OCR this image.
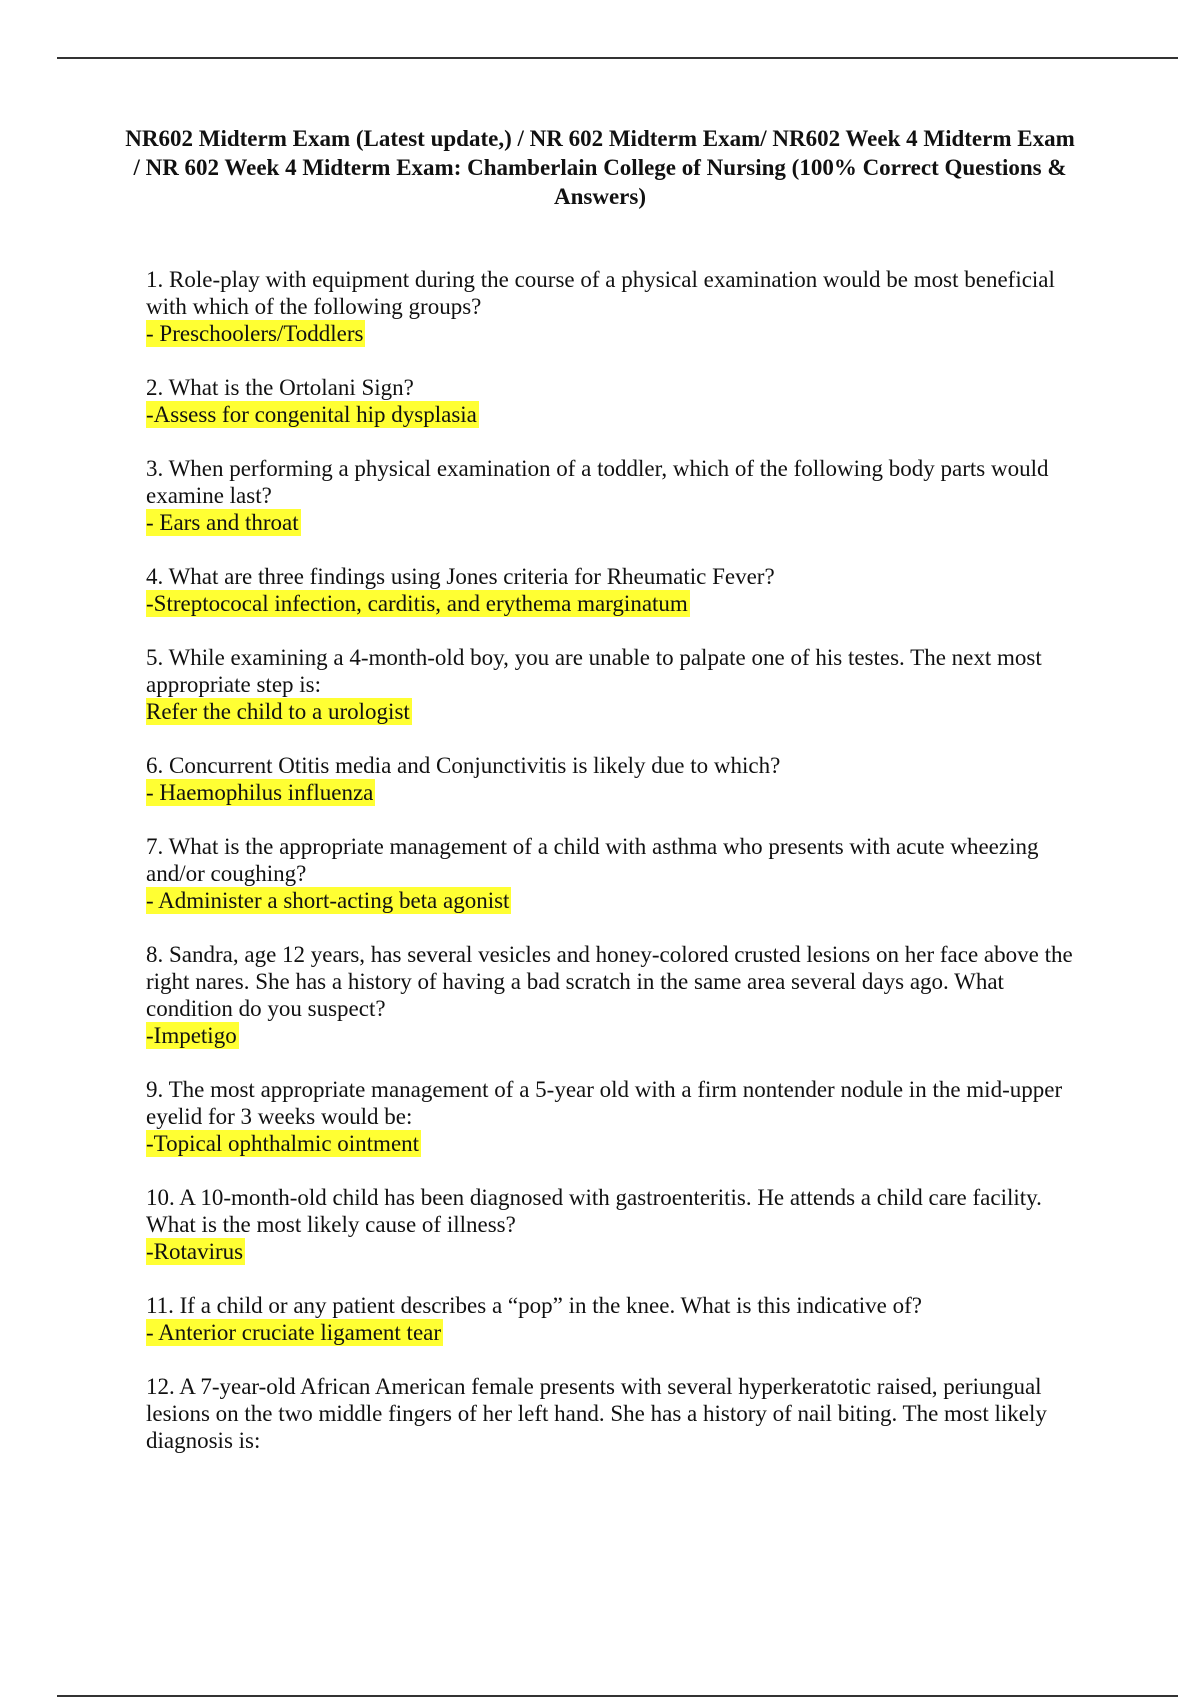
NR602 Midterm Exam (Latest update,) / NR 602 Midterm Exam/ NR602 Week 4 Midterm Exam / NR 602 Week 4 Midterm Exam: Chamberlain College of Nursing (100% Correct Questions & Answers)

1. Role-play with equipment during the course of a physical examination would be most beneficial with which of the following groups?

- Preschoolers/Toddlers

2. What is the Ortolani Sign?

-Assess for congenital hip dysplasia

3. When performing a physical examination of a toddler, which of the following body parts would examine last?

- Ears and throat

4. What are three findings using Jones criteria for Rheumatic Fever?

-Streptococal infection, carditis, and erythema marginatum

5. While examining a 4-month-old boy, you are unable to palpate one of his testes. The next most appropriate step is:

Refer the child to a urologist

6. Concurrent Otitis media and Conjunctivitis is likely due to which?

- Haemophilus influenza

7. What is the appropriate management of a child with asthma who presents with acute wheezing and/or coughing?

- Administer a short-acting beta agonist

8. Sandra, age 12 years, has several vesicles and honey-colored crusted lesions on her face above the right nares. She has a history of having a bad scratch in the same area several days ago. What condition do you suspect?

-Impetigo

9. The most appropriate management of a 5-year old with a firm nontender nodule in the mid-upper eyelid for 3 weeks would be:

-Topical ophthalmic ointment

10. A 10-month-old child has been diagnosed with gastroenteritis. He attends a child care facility. What is the most likely cause of illness?

-Rotavirus

11. If a child or any patient describes a “pop” in the knee. What is this indicative of?

- Anterior cruciate ligament tear

12. A 7-year-old African American female presents with several hyperkeratotic raised, periungual lesions on the two middle fingers of her left hand. She has a history of nail biting. The most likely diagnosis is:
